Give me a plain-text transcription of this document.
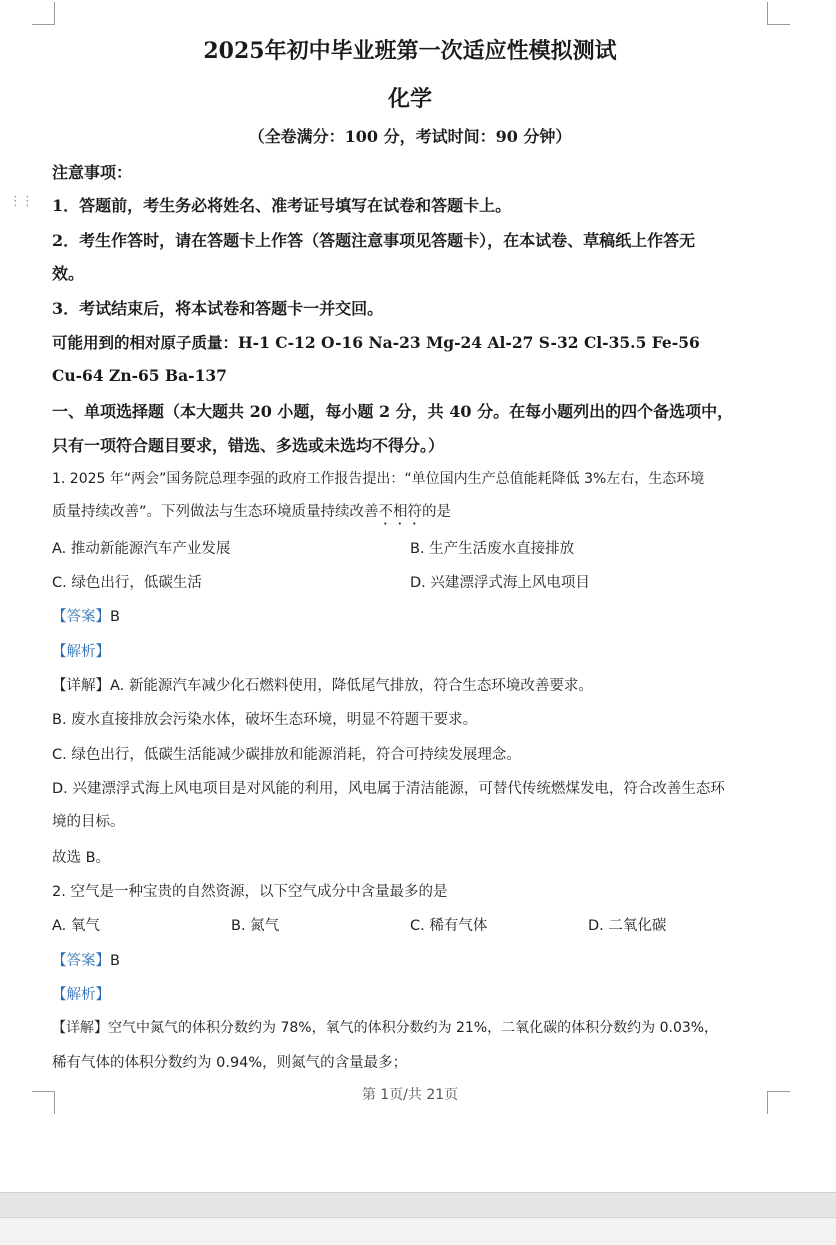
⋮⋮
2025年初中毕业班第一次适应性模拟测试
化学
（全卷满分：100 分，考试时间：90 分钟）
注意事项：
1．答题前，考生务必将姓名、准考证号填写在试卷和答题卡上。
2．考生作答时，请在答题卡上作答（答题注意事项见答题卡），在本试卷、草稿纸上作答无
效。
3．考试结束后，将本试卷和答题卡一并交回。
可能用到的相对原子质量：H-1 C-12 O-16 Na-23 Mg-24 Al-27 S-32 Cl-35.5 Fe-56
Cu-64 Zn-65 Ba-137
一、单项选择题（本大题共 20 小题，每小题 2 分，共 40 分。在每小题列出的四个备选项中，
只有一项符合题目要求，错选、多选或未选均不得分。）
1. 2025 年“两会”国务院总理李强的政府工作报告提出：“单位国内生产总值能耗降低 3%左右，生态环境
质量持续改善”。下列做法与生态环境质量持续改善不相符的是
A. 推动新能源汽车产业发展	B. 生产生活废水直接排放
C. 绿色出行，低碳生活	D. 兴建漂浮式海上风电项目
【答案】B
【解析】
【详解】A. 新能源汽车减少化石燃料使用，降低尾气排放，符合生态环境改善要求。
B. 废水直接排放会污染水体，破坏生态环境，明显不符题干要求。
C. 绿色出行，低碳生活能减少碳排放和能源消耗，符合可持续发展理念。
D. 兴建漂浮式海上风电项目是对风能的利用，风电属于清洁能源，可替代传统燃煤发电，符合改善生态环
境的目标。
故选 B。
2. 空气是一种宝贵的自然资源，以下空气成分中含量最多的是
A. 氧气	B. 氮气	C. 稀有气体	D. 二氧化碳
【答案】B
【解析】
【详解】空气中氮气的体积分数约为 78%，氧气的体积分数约为 21%，二氧化碳的体积分数约为 0.03%，
稀有气体的体积分数约为 0.94%，则氮气的含量最多；
第 1页/共 21页
